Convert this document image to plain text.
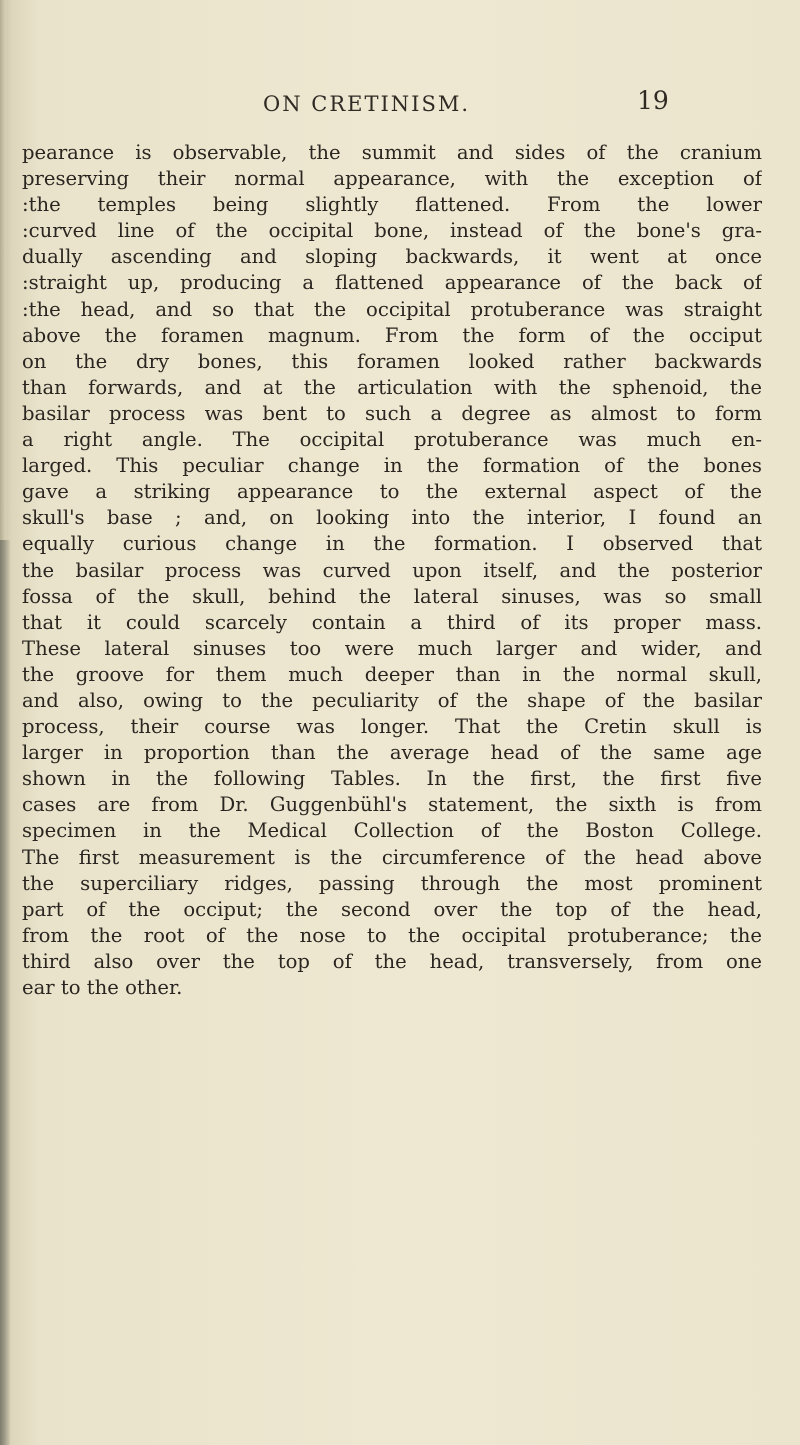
ON CRETINISM.	19
pearance is observable, the summit and sides of the cranium
preserving their normal appearance, with the exception of
:the temples being slightly flattened. From the lower
:curved line of the occipital bone, instead of the bone's gra-
dually ascending and sloping backwards, it went at once
:straight up, producing a flattened appearance of the back of
:the head, and so that the occipital protuberance was straight
above the foramen magnum. From the form of the occiput
on the dry bones, this foramen looked rather backwards
than forwards, and at the articulation with the sphenoid, the
basilar process was bent to such a degree as almost to form
a right angle. The occipital protuberance was much en-
larged. This peculiar change in the formation of the bones
gave a striking appearance to the external aspect of the
skull's base ; and, on looking into the interior, I found an
equally curious change in the formation. I observed that
the basilar process was curved upon itself, and the posterior
fossa of the skull, behind the lateral sinuses, was so small
that it could scarcely contain a third of its proper mass.
These lateral sinuses too were much larger and wider, and
the groove for them much deeper than in the normal skull,
and also, owing to the peculiarity of the shape of the basilar
process, their course was longer. That the Cretin skull is
larger in proportion than the average head of the same age
shown in the following Tables. In the first, the first five
cases are from Dr. Guggenbühl's statement, the sixth is from
specimen in the Medical Collection of the Boston College.
The first measurement is the circumference of the head above
the superciliary ridges, passing through the most prominent
part of the occiput; the second over the top of the head,
from the root of the nose to the occipital protuberance; the
third also over the top of the head, transversely, from one
ear to the other.
